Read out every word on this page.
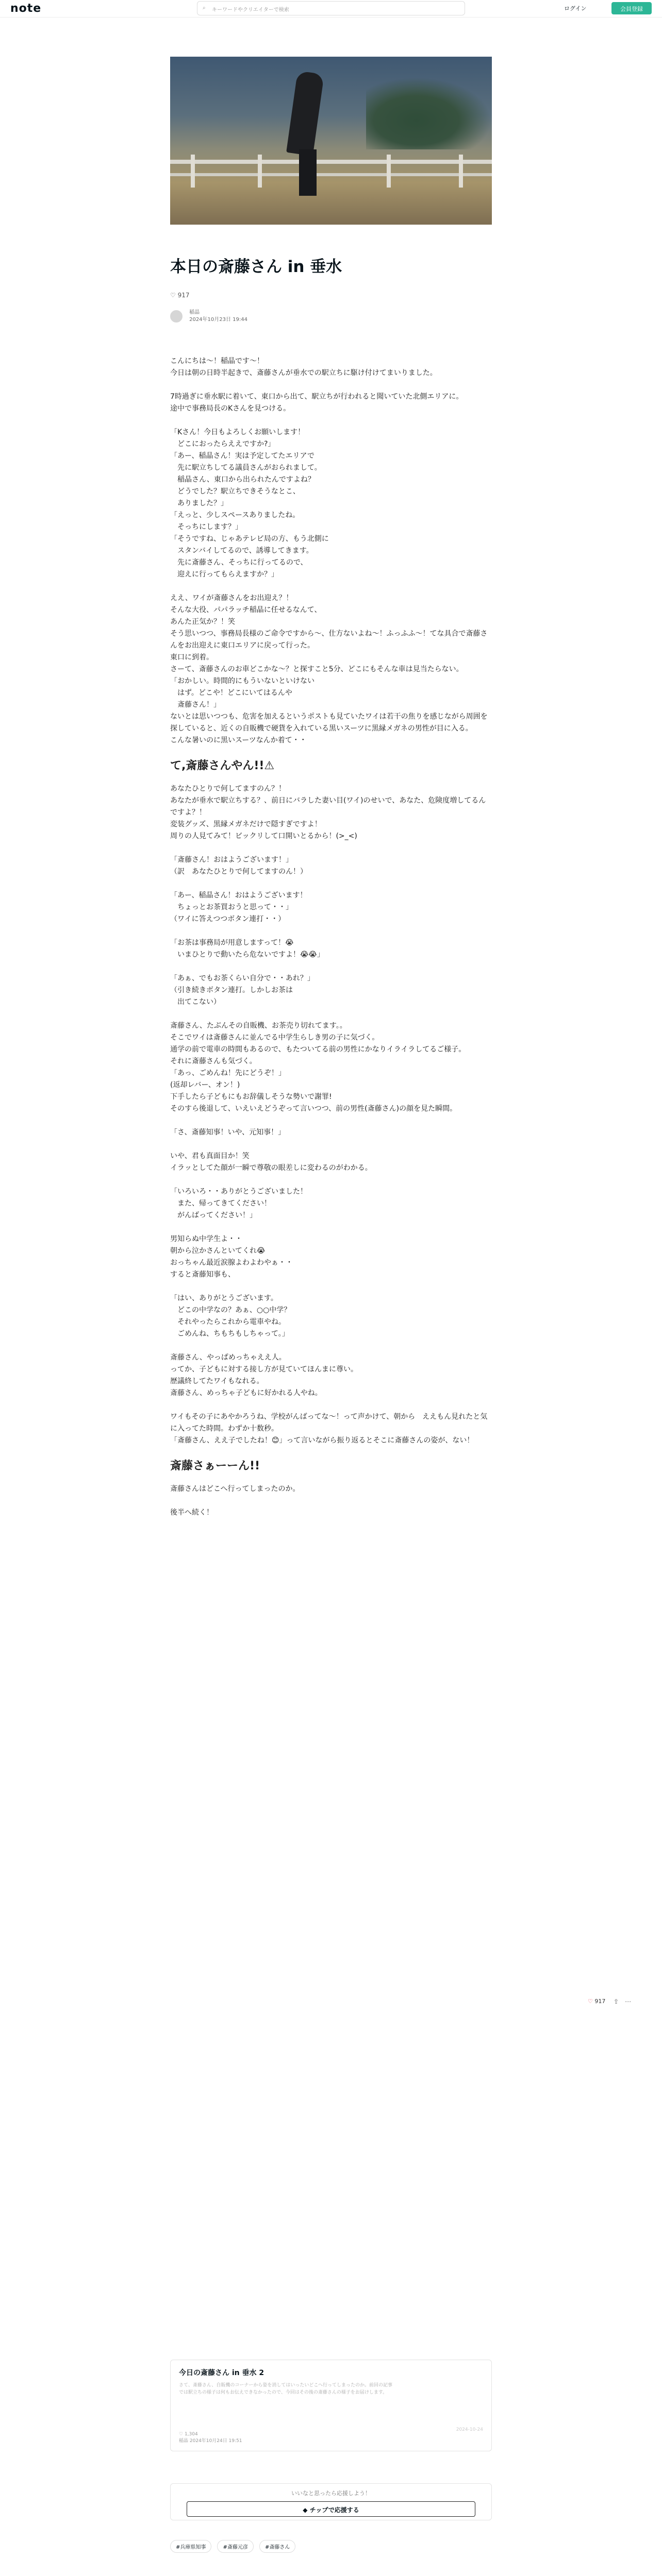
note	⌕ キーワードやクリエイターで検索	ログイン	会員登録
本日の斎藤さん in 垂水
♡ 917
稲晶
2024年10月23日 19:44

こんにちは～！稲晶です～！
今日は朝の日時半起きで、斎藤さんが垂水での駅立ちに駆け付けてまいりました。

7時過ぎに垂水駅に着いて、東口から出て、駅立ちが行われると聞いていた北側エリアに。
途中で事務局長のKさんを見つける。

「Kさん！今日もよろしくお願いします！
　どこにおったらええですか?」
「あー、稲晶さん！実は予定してたエリアで
　先に駅立ちしてる議員さんがおられまして。
　稲晶さん、東口から出られたんですよね？
　どうでした？駅立ちできそうなとこ、
　ありました？」
「えっと、少しスペースありましたね。
　そっちにします？」
「そうですね、じゃあテレビ局の方、もう北側に
　スタンバイしてるので、誘導してきます。
　先に斎藤さん、そっちに行ってるので、
　迎えに行ってもらえますか？」

ええ、ワイが斎藤さんをお出迎え？！
そんな大役、パパラッチ稲晶に任せるなんて、
あんた正気か？！笑
そう思いつつ、事務局長様のご命令ですから～、仕方ないよね～！ふっふふ～！てな具合で斎藤さんをお出迎えに東口エリアに戻って行った。
東口に到着。
さーて、斎藤さんのお車どこかな～？と探すこと5分、どこにもそんな車は見当たらない。
「おかしい。時間的にもういないといけない
　はず。どこや！どこにいてはるんや
　斎藤さん！」
ないとは思いつつも、危害を加えるというポストも見ていたワイは若干の焦りを感じながら周囲を探していると、近くの自販機で硬貨を入れている黒いスーツに黒縁メガネの男性が目に入る。
こんな暑いのに黒いスーツなんか着て・・

て,斎藤さんやん!!⚠

あなたひとりで何してますのん？！
あなたが垂水で駅立ちする？、前日にバラした妻い目(ワイ)のせいで、あなた、危険度増してるんですよ？！
変装グッズ、黒縁メガネだけで隠すぎですよ！
周りの人見てみて！ビックリして口開いとるから！(>_<)

「斎藤さん！おはようございます！」
（訳　あなたひとりで何してますのん！）

「あー、稲晶さん！おはようございます！
　ちょっとお茶買おうと思って・・」
（ワイに答えつつボタン連打・・）

「お茶は事務局が用意しますって！😭
　いまひとりで動いたら危ないですよ！😭😭」

「あぁ、でもお茶くらい自分で・・あれ？」
（引き続きボタン連打。しかしお茶は
　出てこない）

斎藤さん、たぶんその自販機、お茶売り切れてます。。
そこでワイは斎藤さんに並んでる中学生らしき男の子に気づく。
通学の前で電車の時間もあるので、もたついてる前の男性にかなりイライラしてるご様子。
それに斎藤さんも気づく。
「あっ、ごめんね！先にどうぞ！」
(返却レバー、オン！)
下手したら子どもにもお辞儀しそうな勢いで謝罪!
そのすら後退して、いえいえどうぞって言いつつ、前の男性(斎藤さん)の顔を見た瞬間。

「さ、斎藤知事！いや、元知事！」

いや、君も真面目か！笑
イラッとしてた顔が一瞬で尊敬の眼差しに変わるのがわかる。

「いろいろ・・ありがとうございました！
　また、帰ってきてください！
　がんばってください！」

男知らぬ中学生よ・・
朝から泣かさんといてくれ😭
おっちゃん最近涙腺よわよわやぁ・・
すると斎藤知事も、

「はい、ありがとうございます。
　どこの中学なの？あぁ、○○中学？
　それやったらこれから電車やね。
　ごめんね、ちもちもしちゃって。」

斎藤さん、やっぱめっちゃええ人。
ってか、子どもに対する接し方が見ていてほんまに尊い。
歴議終してたワイもなれる。
斎藤さん、めっちゃ子どもに好かれる人やね。

ワイもその子にあやかろうね、学校がんばってな～！って声かけて、朝から　ええもん見れたと気に入ってた時間。わずか十数秒。
「斎藤さん、ええ子でしたね！😊」って言いながら振り返るとそこに斎藤さんの姿が、ない！

斎藤さぁーーん!!

斎藤さんはどこへ行ってしまったのか。

後半へ続く！

♡ 917 ⇪⋯
今日の斎藤さん in 垂水 2
さて、斎藤さん、自販機のコーナーから姿を消してはいったいどこへ行ってしまったのか。前回の記事では駅立ちの様子は何もお伝えできなかったので、今回はその後の斎藤さんの様子をお届けします。
2024-10-24
♡ 1,304
稲晶 2024年10月24日 19:51
いいなと思ったら応援しよう！
◆ チップで応援する
#兵庫県知事	#斎藤元彦	#斎藤さん
